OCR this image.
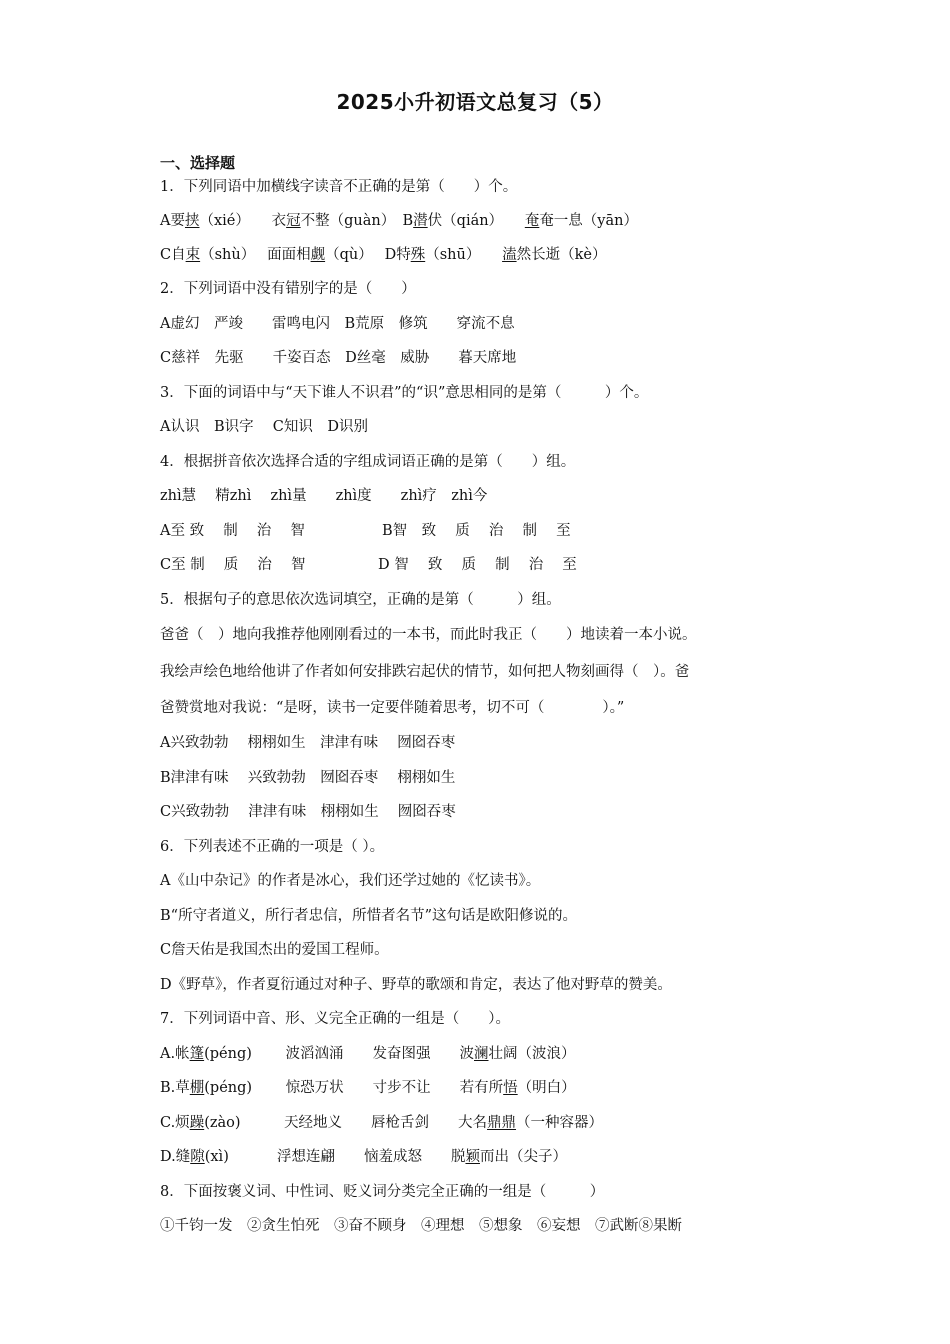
2025小升初语文总复习（5）
一、选择题
1．下列同语中加横线字读音不正确的是第（　　）个。
A要挟（xié）　　衣冠不整（guàn）　B潜伏（qián）　　奄奄一息（yān）
C自束（shù）　 面面相觑（qù）　 D特殊（shū）　　溘然长逝（kè）
2．下列词语中没有错别字的是（　　）
A虚幻　严竣　　雷鸣电闪　B荒原　修筑　　穿流不息
C慈祥　先驱　　千姿百态　D丝毫　威胁　　暮天席地
3．下面的词语中与“天下谁人不识君”的“识”意思相同的是第（　　　）个。
A认识　B识字　 C知识　D识别
4．根据拼音依次选择合适的字组成词语正确的是第（　　）组。
zhì慧　 精zhì　 zhì量　　zhì度　　zhì疗　zhì今
A至 致　 制　 治　 智　　　　　 B智　致　 质　 治　 制　 至
C至 制　 质　 治　 智　　　　　D 智　 致　 质　 制　 治　 至
5．根据句子的意思依次选词填空，正确的是第（　　　）组。
爸爸（　）地向我推荐他刚刚看过的一本书，而此时我正（　　）地读着一本小说。
我绘声绘色地给他讲了作者如何安排跌宕起伏的情节，如何把人物刻画得（　）。爸
爸赞赏地对我说：“是呀，读书一定要伴随着思考，切不可（　　　　）。”
A兴致勃勃　 栩栩如生　津津有味　 囫囵吞枣
B津津有味　 兴致勃勃　囫囵吞枣　 栩栩如生
C兴致勃勃　 津津有味　栩栩如生　 囫囵吞枣
6．下列表述不正确的一项是（ ）。
A《山中杂记》的作者是冰心，我们还学过她的《忆读书》。
B“所守者道义，所行者忠信，所惜者名节”这句话是欧阳修说的。
C詹天佑是我国杰出的爱国工程师。
D《野草》，作者夏衍通过对种子、野草的歌颂和肯定，表达了他对野草的赞美。
7．下列词语中音、形、义完全正确的一组是（　　）。
A.帐篷(péng)　　 波滔汹涌　　发奋图强　　波澜壮阔（波浪）
B.草棚(péng)　　 惊恐万状　　寸步不让　　若有所悟（明白）
C.烦躁(zào)　　　天经地义　　唇枪舌剑　　大名鼎鼎（一种容器）
D.缝隙(xì)　　　 浮想连翩　　恼羞成怒　　脱颖而出（尖子）
8．下面按褒义词、中性词、贬义词分类完全正确的一组是（　　　）
①千钧一发　②贪生怕死　③奋不顾身　④理想　⑤想象　⑥妄想　⑦武断⑧果断
